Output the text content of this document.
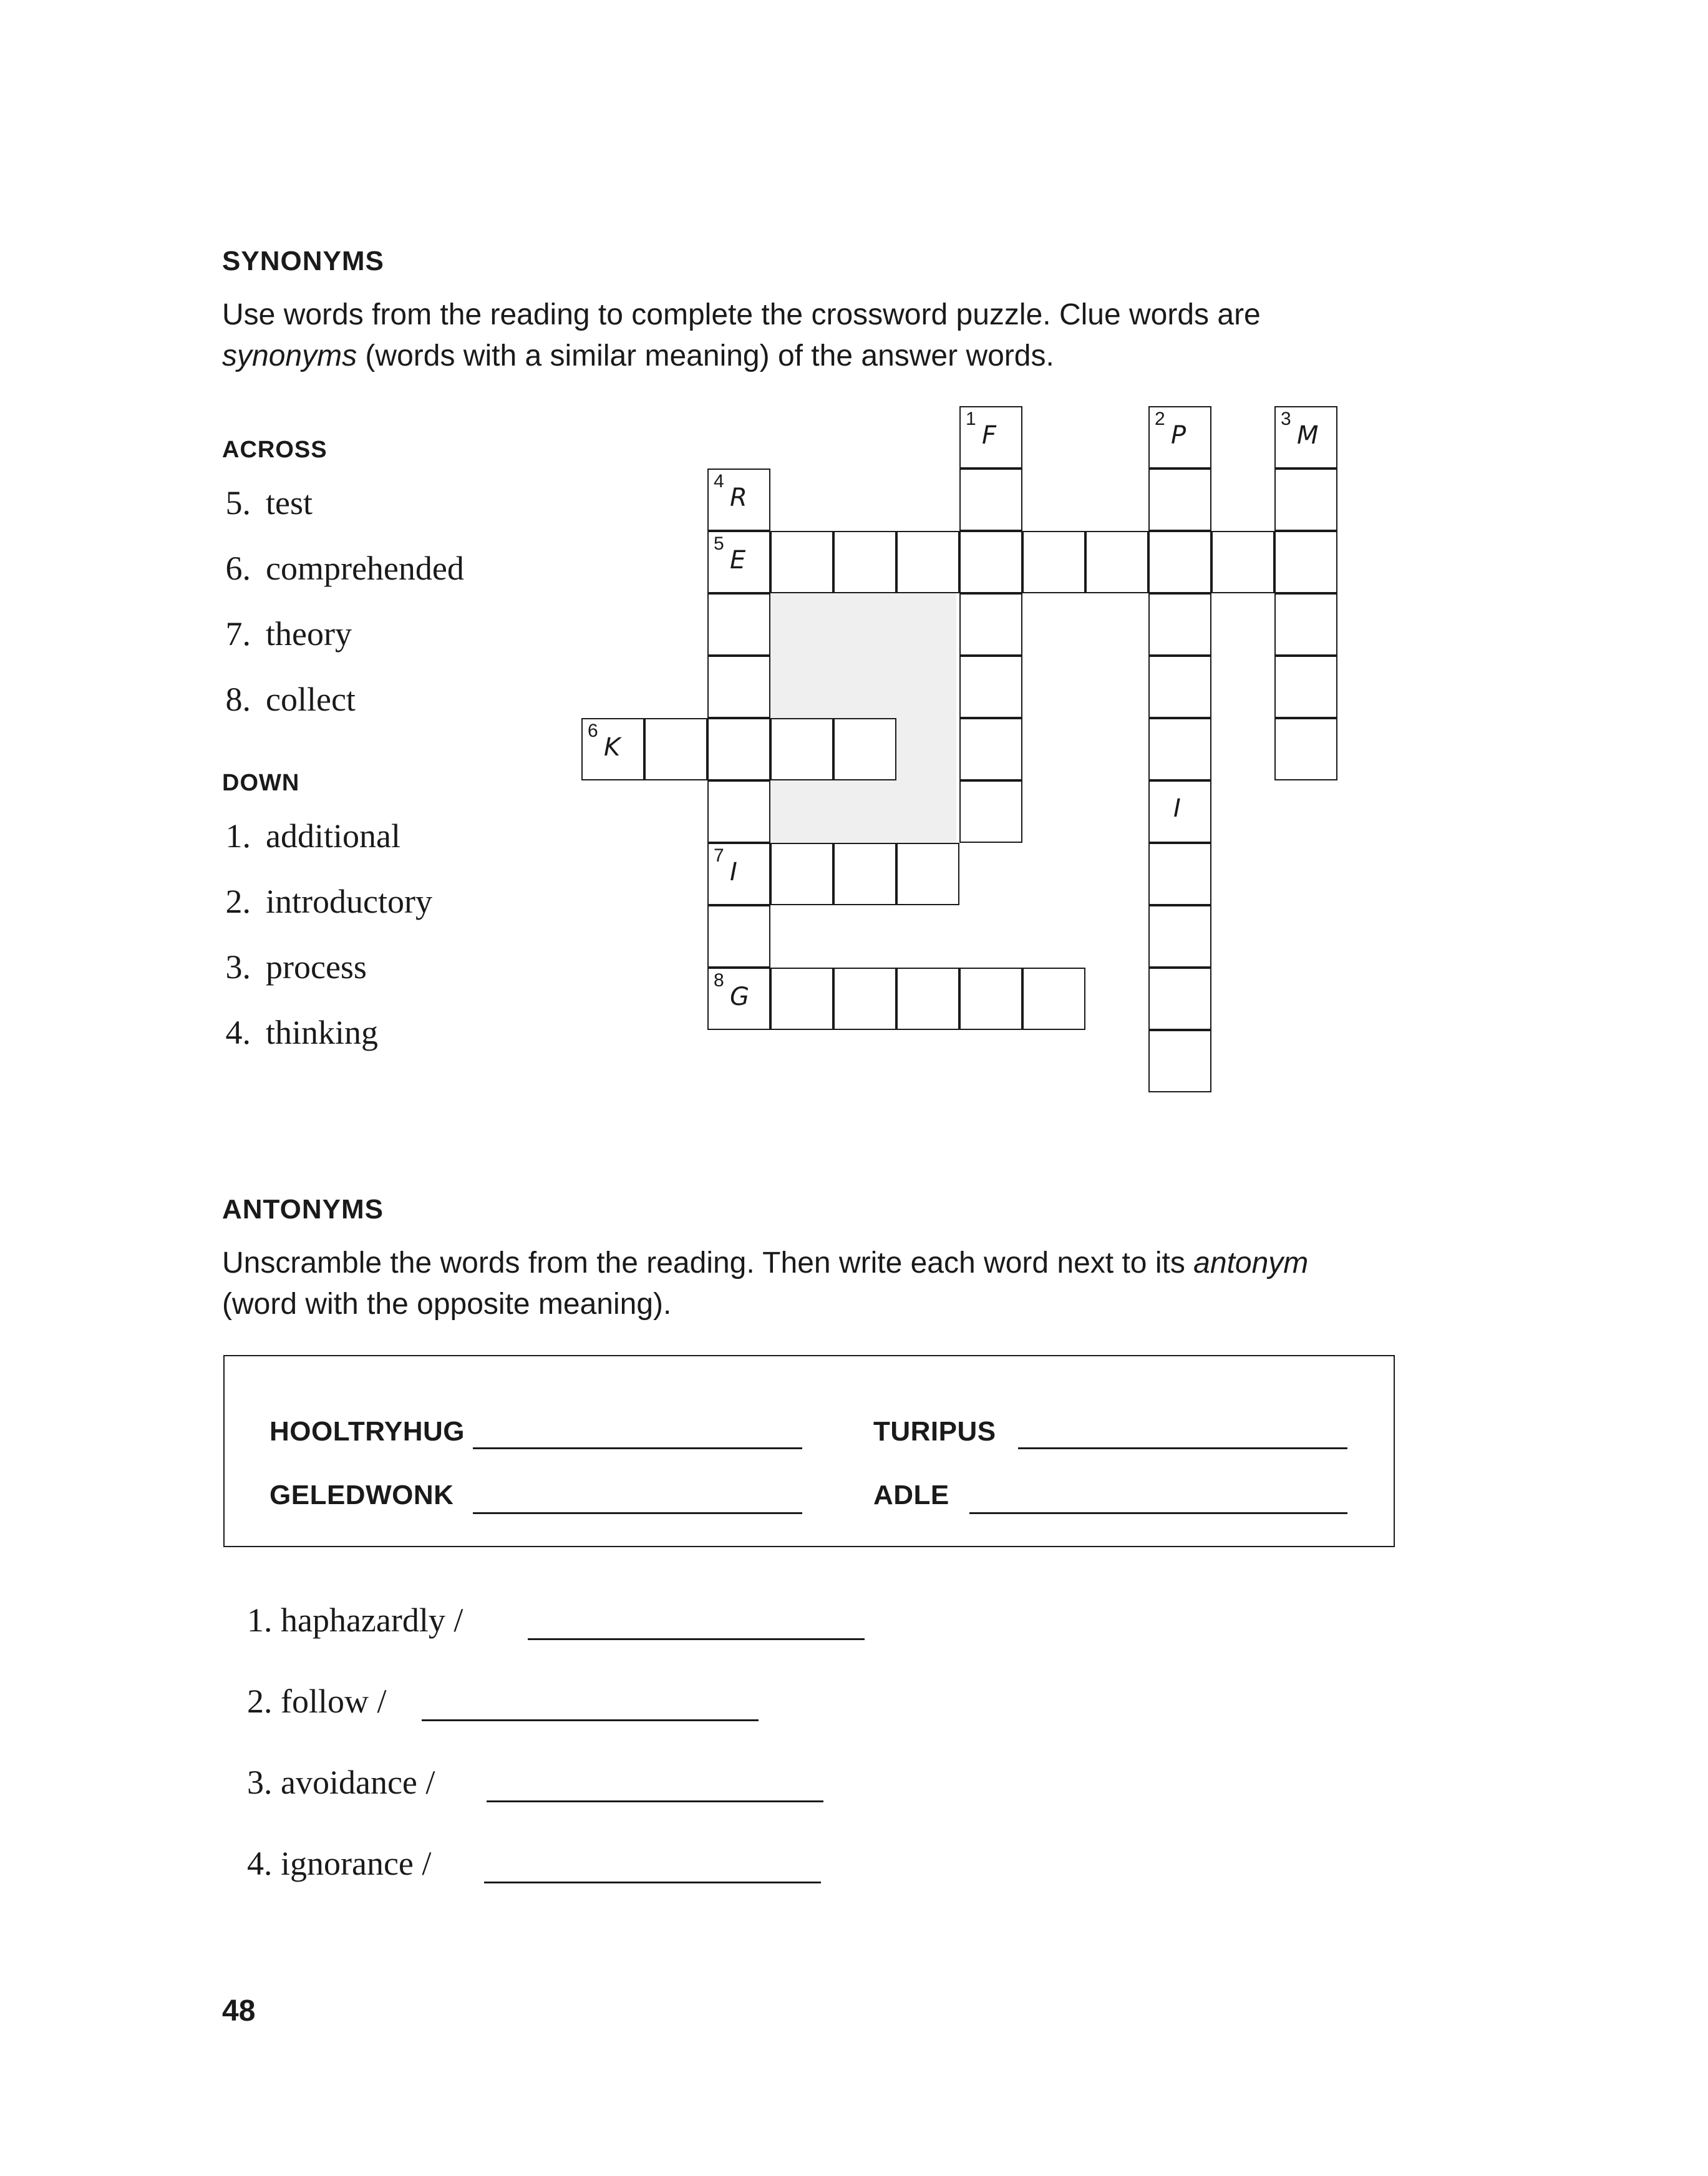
SYNONYMS

Use words from the reading to complete the crossword puzzle. Clue words are
synonyms (words with a similar meaning) of the answer words.

ACROSS
5. test
6. comprehended
7. theory
8. collect
DOWN
1. additional
2. introductory
3. process
4. thinking
1
F
2
P
I
3
M
4
R
5
E
6
K
7
I
8
G
ANTONYMS

Unscramble the words from the reading. Then write each word next to its antonym
(word with the opposite meaning).

HOOLTRYHUG	TURIPUS
GELEDWONK	ADLE
1. haphazardly /
2. follow /
3. avoidance /
4. ignorance /
48
